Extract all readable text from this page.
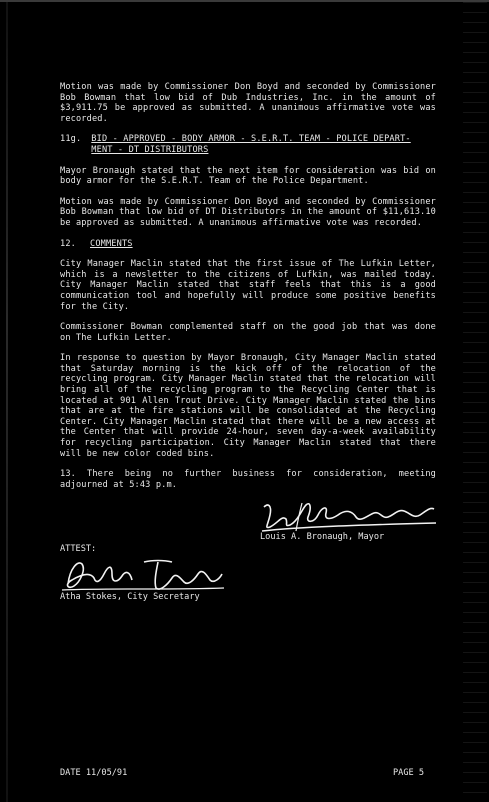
Motion was made by Commissioner Don Boyd and seconded by Commissioner Bob Bowman that low bid of Dub Industries, Inc. in the amount of $3,911.75 be approved as submitted. A unanimous affirmative vote was recorded.

11g. BID - APPROVED - BODY ARMOR - S.E.R.T. TEAM - POLICE DEPART-
MENT - DT DISTRIBUTORS

Mayor Bronaugh stated that the next item for consideration was bid on body armor for the S.E.R.T. Team of the Police Department.

Motion was made by Commissioner Don Boyd and seconded by Commissioner Bob Bowman that low bid of DT Distributors in the amount of $11,613.10 be approved as submitted. A unanimous affirmative vote was recorded.

12.	COMMENTS

City Manager Maclin stated that the first issue of The Lufkin Letter, which is a newsletter to the citizens of Lufkin, was mailed today. City Manager Maclin stated that staff feels that this is a good communication tool and hopefully will produce some positive benefits for the City.

Commissioner Bowman complemented staff on the good job that was done on The Lufkin Letter.

In response to question by Mayor Bronaugh, City Manager Maclin stated that Saturday morning is the kick off of the relocation of the recycling program. City Manager Maclin stated that the relocation will bring all of the recycling program to the Recycling Center that is located at 901 Allen Trout Drive. City Manager Maclin stated the bins that are at the fire stations will be consolidated at the Recycling Center. City Manager Maclin stated that there will be a new access at the Center that will provide 24-hour, seven day-a-week availability for recycling participation. City Manager Maclin stated that there will be new color coded bins.

13. There being no further business for consideration, meeting adjourned at 5:43 p.m.

Louis A. Bronaugh, Mayor
ATTEST:
Atha Stokes, City Secretary
DATE 11/05/91	PAGE 5
